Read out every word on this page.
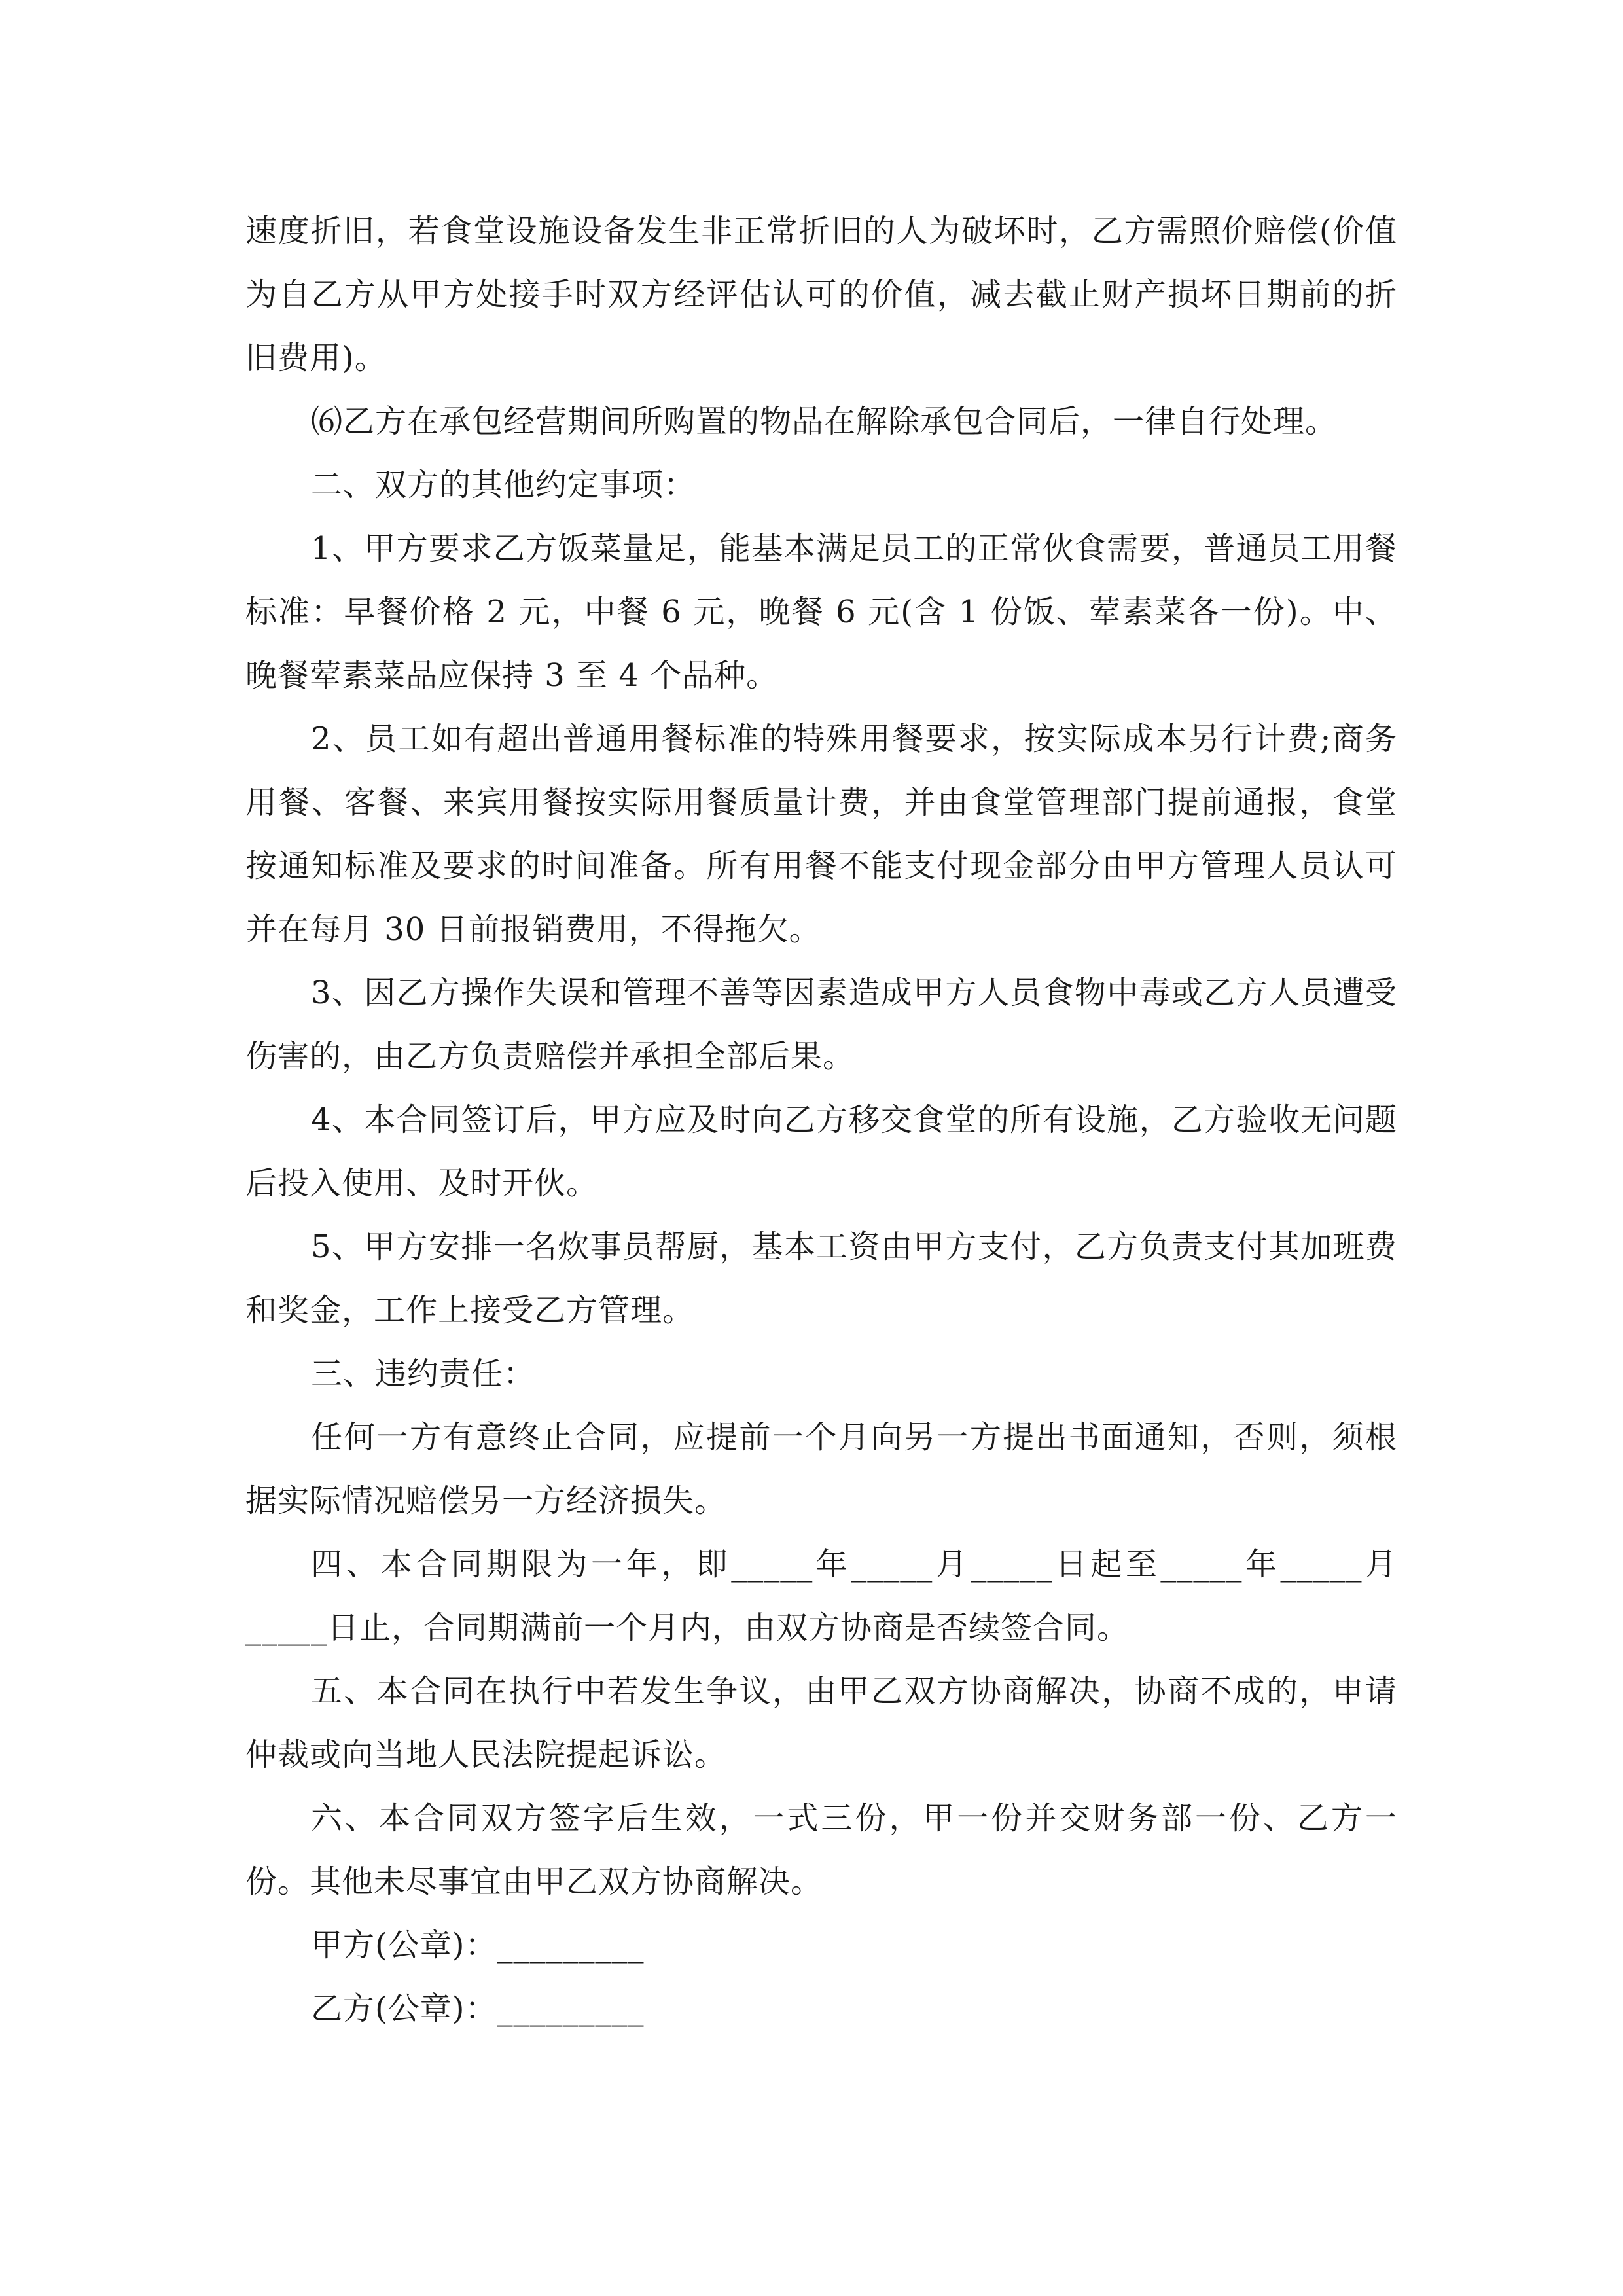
速度折旧，若食堂设施设备发生非正常折旧的人为破坏时，乙方需照价赔偿(价值为自乙方从甲方处接手时双方经评估认可的价值，减去截止财产损坏日期前的折旧费用)。

⑹乙方在承包经营期间所购置的物品在解除承包合同后，一律自行处理。

二、双方的其他约定事项：

1、甲方要求乙方饭菜量足，能基本满足员工的正常伙食需要，普通员工用餐标准：早餐价格 2 元，中餐 6 元，晚餐 6 元(含 1 份饭、荤素菜各一份)。中、晚餐荤素菜品应保持 3 至 4 个品种。

2、员工如有超出普通用餐标准的特殊用餐要求，按实际成本另行计费;商务用餐、客餐、来宾用餐按实际用餐质量计费，并由食堂管理部门提前通报，食堂按通知标准及要求的时间准备。所有用餐不能支付现金部分由甲方管理人员认可并在每月 30 日前报销费用，不得拖欠。

3、因乙方操作失误和管理不善等因素造成甲方人员食物中毒或乙方人员遭受伤害的，由乙方负责赔偿并承担全部后果。

4、本合同签订后，甲方应及时向乙方移交食堂的所有设施，乙方验收无问题后投入使用、及时开伙。

5、甲方安排一名炊事员帮厨，基本工资由甲方支付，乙方负责支付其加班费和奖金，工作上接受乙方管理。

三、违约责任：

任何一方有意终止合同，应提前一个月向另一方提出书面通知，否则，须根据实际情况赔偿另一方经济损失。

四、本合同期限为一年，即_____年_____月_____日起至_____年_____月_____日止，合同期满前一个月内，由双方协商是否续签合同。

五、本合同在执行中若发生争议，由甲乙双方协商解决，协商不成的，申请仲裁或向当地人民法院提起诉讼。

六、本合同双方签字后生效，一式三份，甲一份并交财务部一份、乙方一份。其他未尽事宜由甲乙双方协商解决。

甲方(公章)：_________

乙方(公章)：_________
